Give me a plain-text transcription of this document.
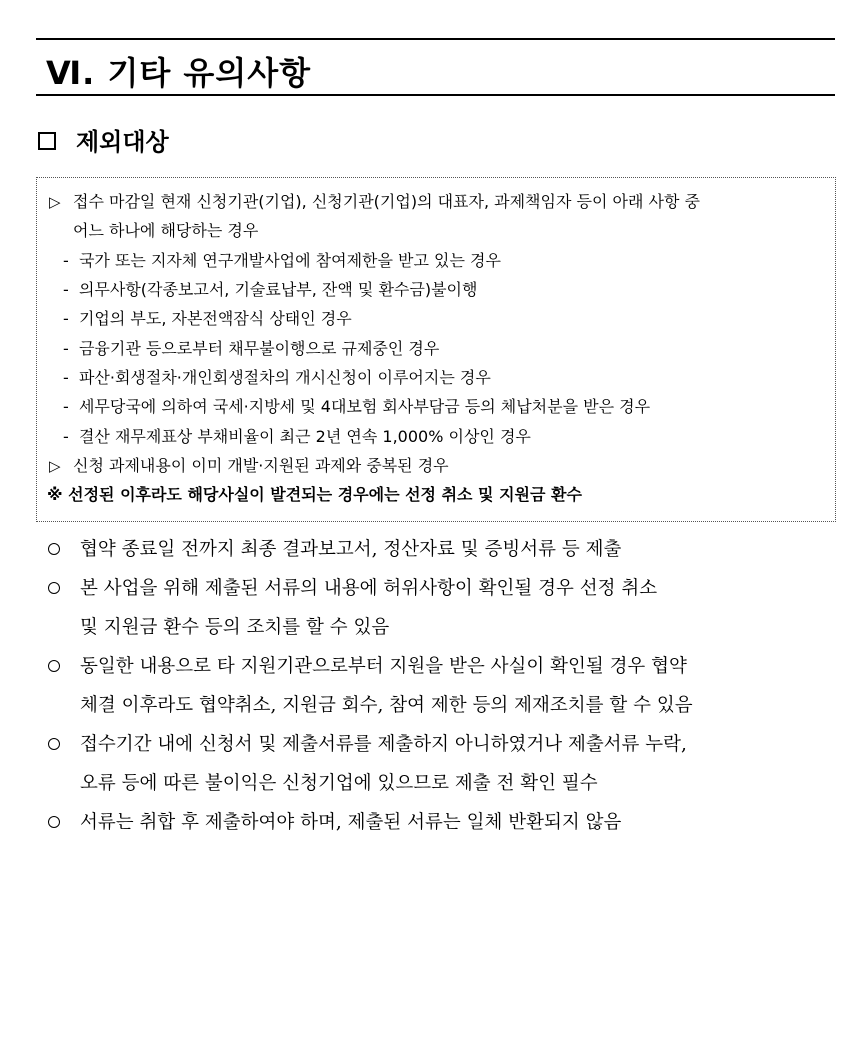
Ⅵ. 기타 유의사항
제외대상
▷ 접수 마감일 현재 신청기관(기업), 신청기관(기업)의 대표자, 과제책임자 등이 아래 사항 중
어느 하나에 해당하는 경우
- 국가 또는 지자체 연구개발사업에 참여제한을 받고 있는 경우
- 의무사항(각종보고서, 기술료납부, 잔액 및 환수금)불이행
- 기업의 부도, 자본전액잠식 상태인 경우
- 금융기관 등으로부터 채무불이행으로 규제중인 경우
- 파산·회생절차·개인회생절차의 개시신청이 이루어지는 경우
- 세무당국에 의하여 국세·지방세 및 4대보험 회사부담금 등의 체납처분을 받은 경우
- 결산 재무제표상 부채비율이 최근 2년 연속 1,000% 이상인 경우
▷ 신청 과제내용이 이미 개발·지원된 과제와 중복된 경우
※ 선정된 이후라도 해당사실이 발견되는 경우에는 선정 취소 및 지원금 환수
협약 종료일 전까지 최종 결과보고서, 정산자료 및 증빙서류 등 제출
본 사업을 위해 제출된 서류의 내용에 허위사항이 확인될 경우 선정 취소
및 지원금 환수 등의 조치를 할 수 있음
동일한 내용으로 타 지원기관으로부터 지원을 받은 사실이 확인될 경우 협약
체결 이후라도 협약취소, 지원금 회수, 참여 제한 등의 제재조치를 할 수 있음
접수기간 내에 신청서 및 제출서류를 제출하지 아니하였거나 제출서류 누락,
오류 등에 따른 불이익은 신청기업에 있으므로 제출 전 확인 필수
서류는 취합 후 제출하여야 하며, 제출된 서류는 일체 반환되지 않음
